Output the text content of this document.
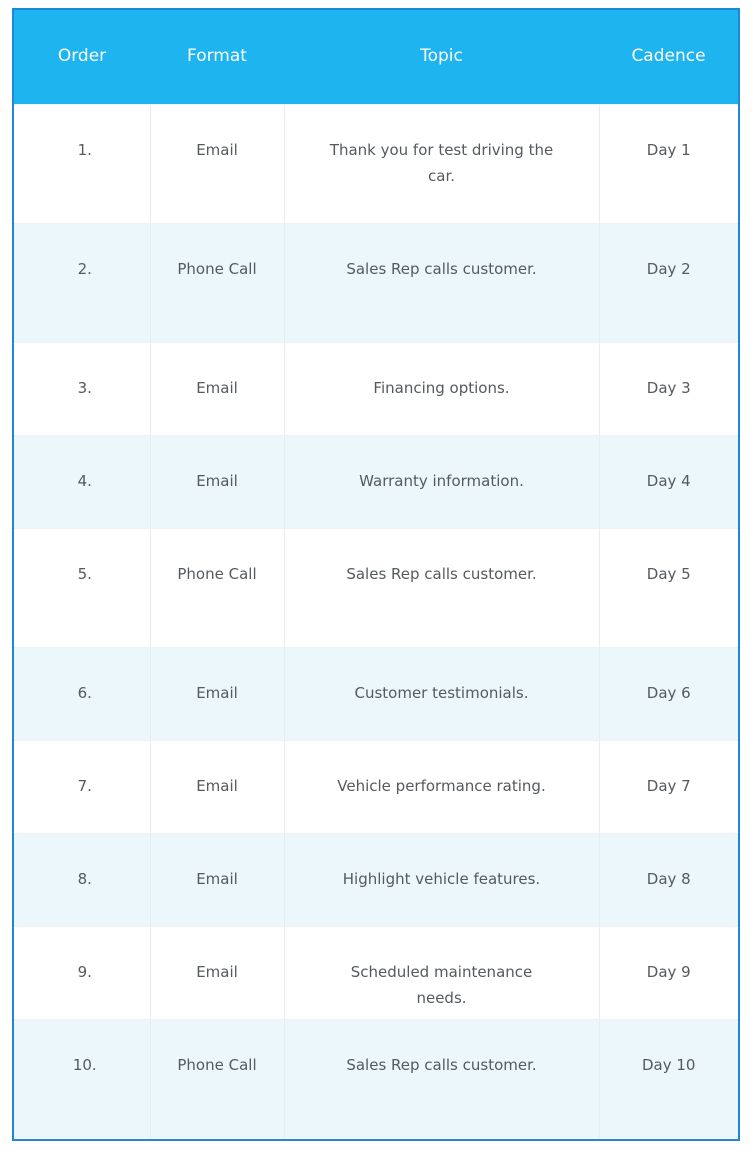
Order	Format	Topic	Cadence
1.	Email	Thank you for test driving the car.	Day 1
2.	Phone Call	Sales Rep calls customer.	Day 2
3.	Email	Financing options.	Day 3
4.	Email	Warranty information.	Day 4
5.	Phone Call	Sales Rep calls customer.	Day 5
6.	Email	Customer testimonials.	Day 6
7.	Email	Vehicle performance rating.	Day 7
8.	Email	Highlight vehicle features.	Day 8
9.	Email	Scheduled maintenance needs.	Day 9
10.	Phone Call	Sales Rep calls customer.	Day 10
